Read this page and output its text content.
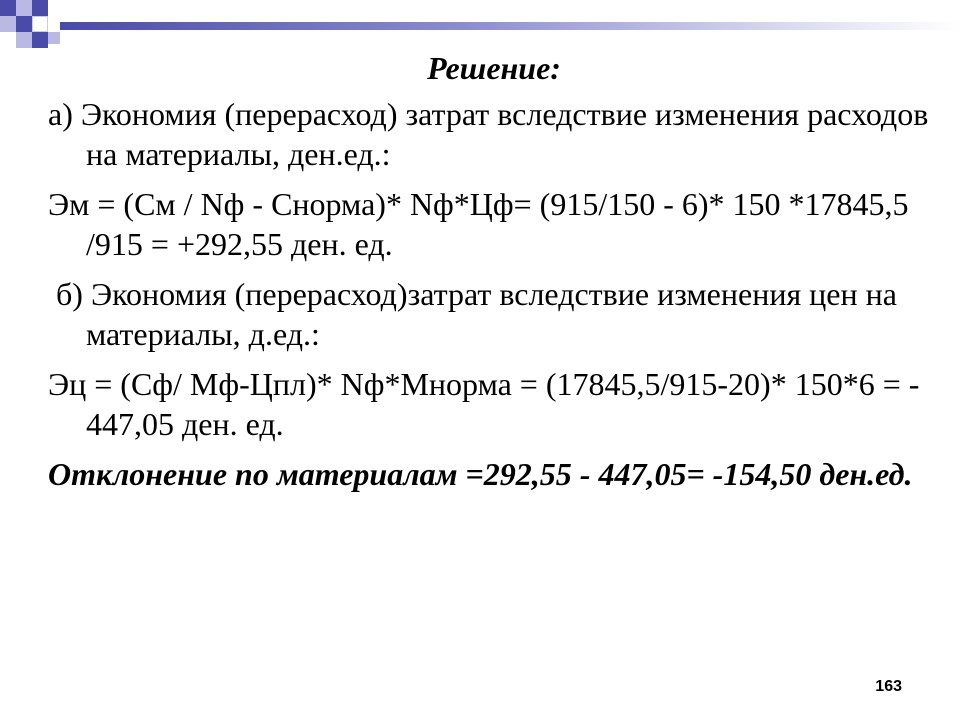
Решение:

а) Экономия (перерасход) затрат вследствие изменения расходов на материалы, ден.ед.:

Эм = (См / Nф - Снорма)* Nф*Цф= (915/150 - 6)* 150 *17845,5 /915 = +292,55 ден. ед.

б) Экономия (перерасход)затрат вследствие изменения цен на материалы, д.ед.:

Эц = (Сф/ Мф-Цпл)* Nф*Мнорма = (17845,5/915-20)* 150*6 = - 447,05 ден. ед.

Отклонение по материалам =292,55 - 447,05= -154,50 ден.ед.

163
